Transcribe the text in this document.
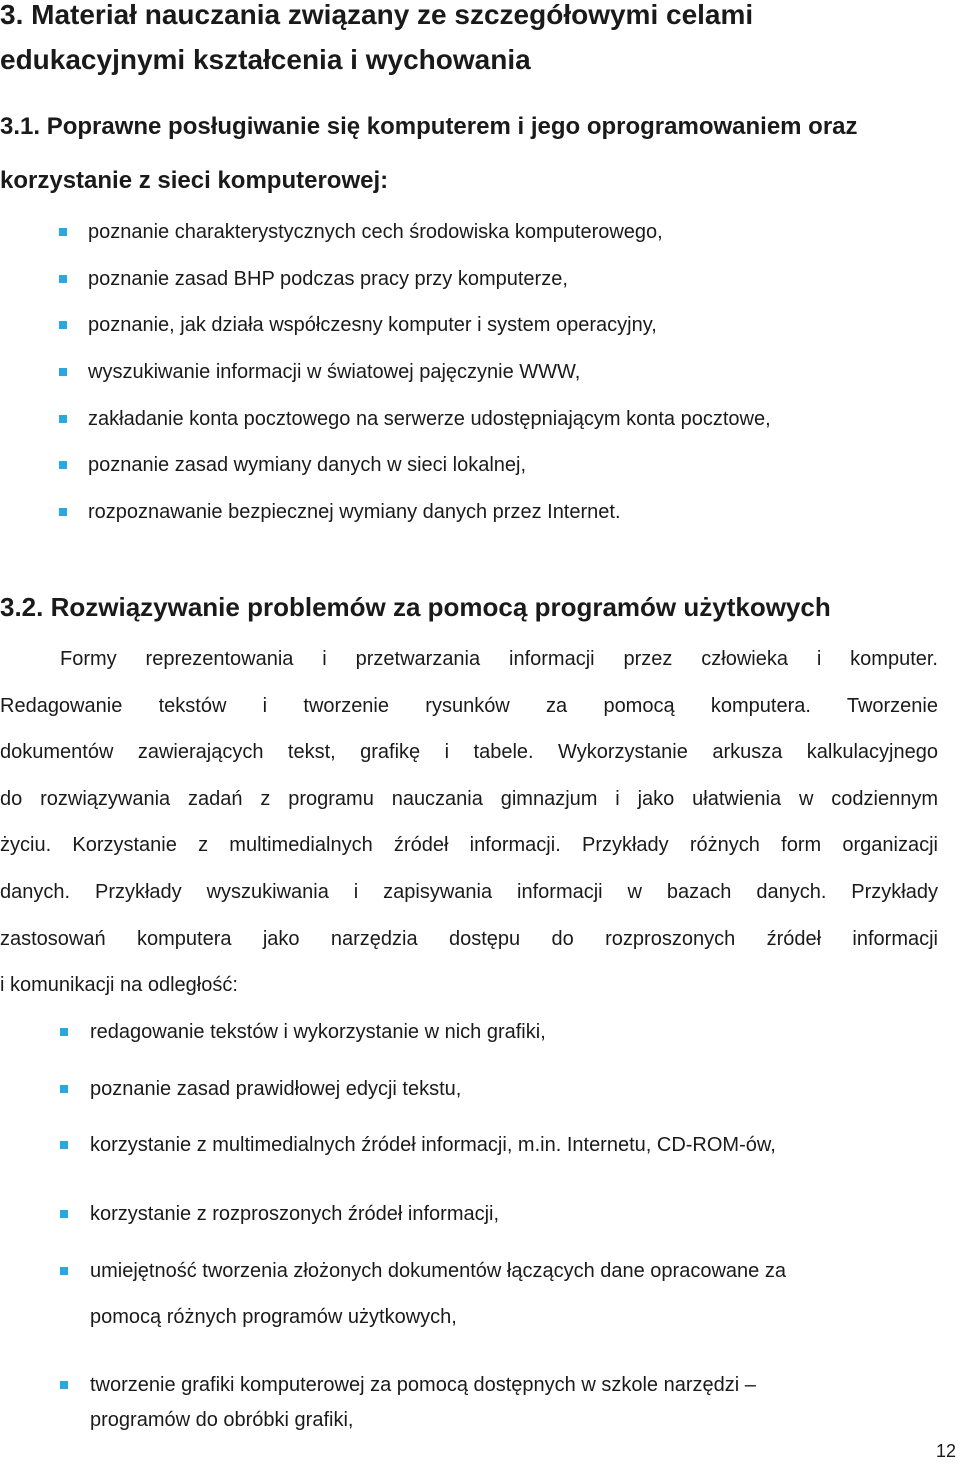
3. Materiał nauczania związany ze szczegółowymi celami
edukacyjnymi kształcenia i wychowania
3.1. Poprawne posługiwanie się komputerem i jego oprogramowaniem oraz
korzystanie z sieci komputerowej:
poznanie charakterystycznych cech środowiska komputerowego,
poznanie zasad BHP podczas pracy przy komputerze,
poznanie, jak działa współczesny komputer i system operacyjny,
wyszukiwanie informacji w światowej pajęczynie WWW,
zakładanie konta pocztowego na serwerze udostępniającym konta pocztowe,
poznanie zasad wymiany danych w sieci lokalnej,
rozpoznawanie bezpiecznej wymiany danych przez Internet.
3.2. Rozwiązywanie problemów za pomocą programów użytkowych
Formy reprezentowania i przetwarzania informacji przez człowieka i komputer.
Redagowanie tekstów i tworzenie rysunków za pomocą komputera. Tworzenie
dokumentów zawierających tekst, grafikę i tabele. Wykorzystanie arkusza kalkulacyjnego
do rozwiązywania zadań z programu nauczania gimnazjum i jako ułatwienia w codziennym
życiu. Korzystanie z multimedialnych źródeł informacji. Przykłady różnych form organizacji
danych. Przykłady wyszukiwania i zapisywania informacji w bazach danych. Przykłady
zastosowań komputera jako narzędzia dostępu do rozproszonych źródeł informacji
i komunikacji na odległość:
redagowanie tekstów i wykorzystanie w nich grafiki,
poznanie zasad prawidłowej edycji tekstu,
korzystanie z multimedialnych źródeł informacji, m.in. Internetu, CD-ROM-ów,
korzystanie z rozproszonych źródeł informacji,
umiejętność tworzenia złożonych dokumentów łączących dane opracowane za
pomocą różnych programów użytkowych,
tworzenie grafiki komputerowej za pomocą dostępnych w szkole narzędzi –
programów do obróbki grafiki,
12
